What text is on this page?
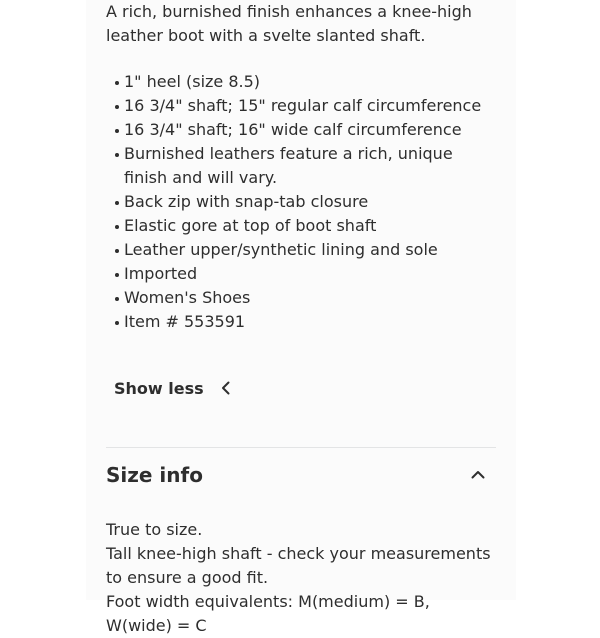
A rich, burnished finish enhances a knee-high leather boot with a svelte slanted shaft.

1" heel (size 8.5)
16 3/4" shaft; 15" regular calf circumference
16 3/4" shaft; 16" wide calf circumference
Burnished leathers feature a rich, unique finish and will vary.
Back zip with snap-tab closure
Elastic gore at top of boot shaft
Leather upper/synthetic lining and sole
Imported
Women's Shoes
Item # 553591
Show less
Size info

True to size.

Tall knee-high shaft - check your measurements to ensure a good fit.

Foot width equivalents: M(medium) = B, W(wide) = C
